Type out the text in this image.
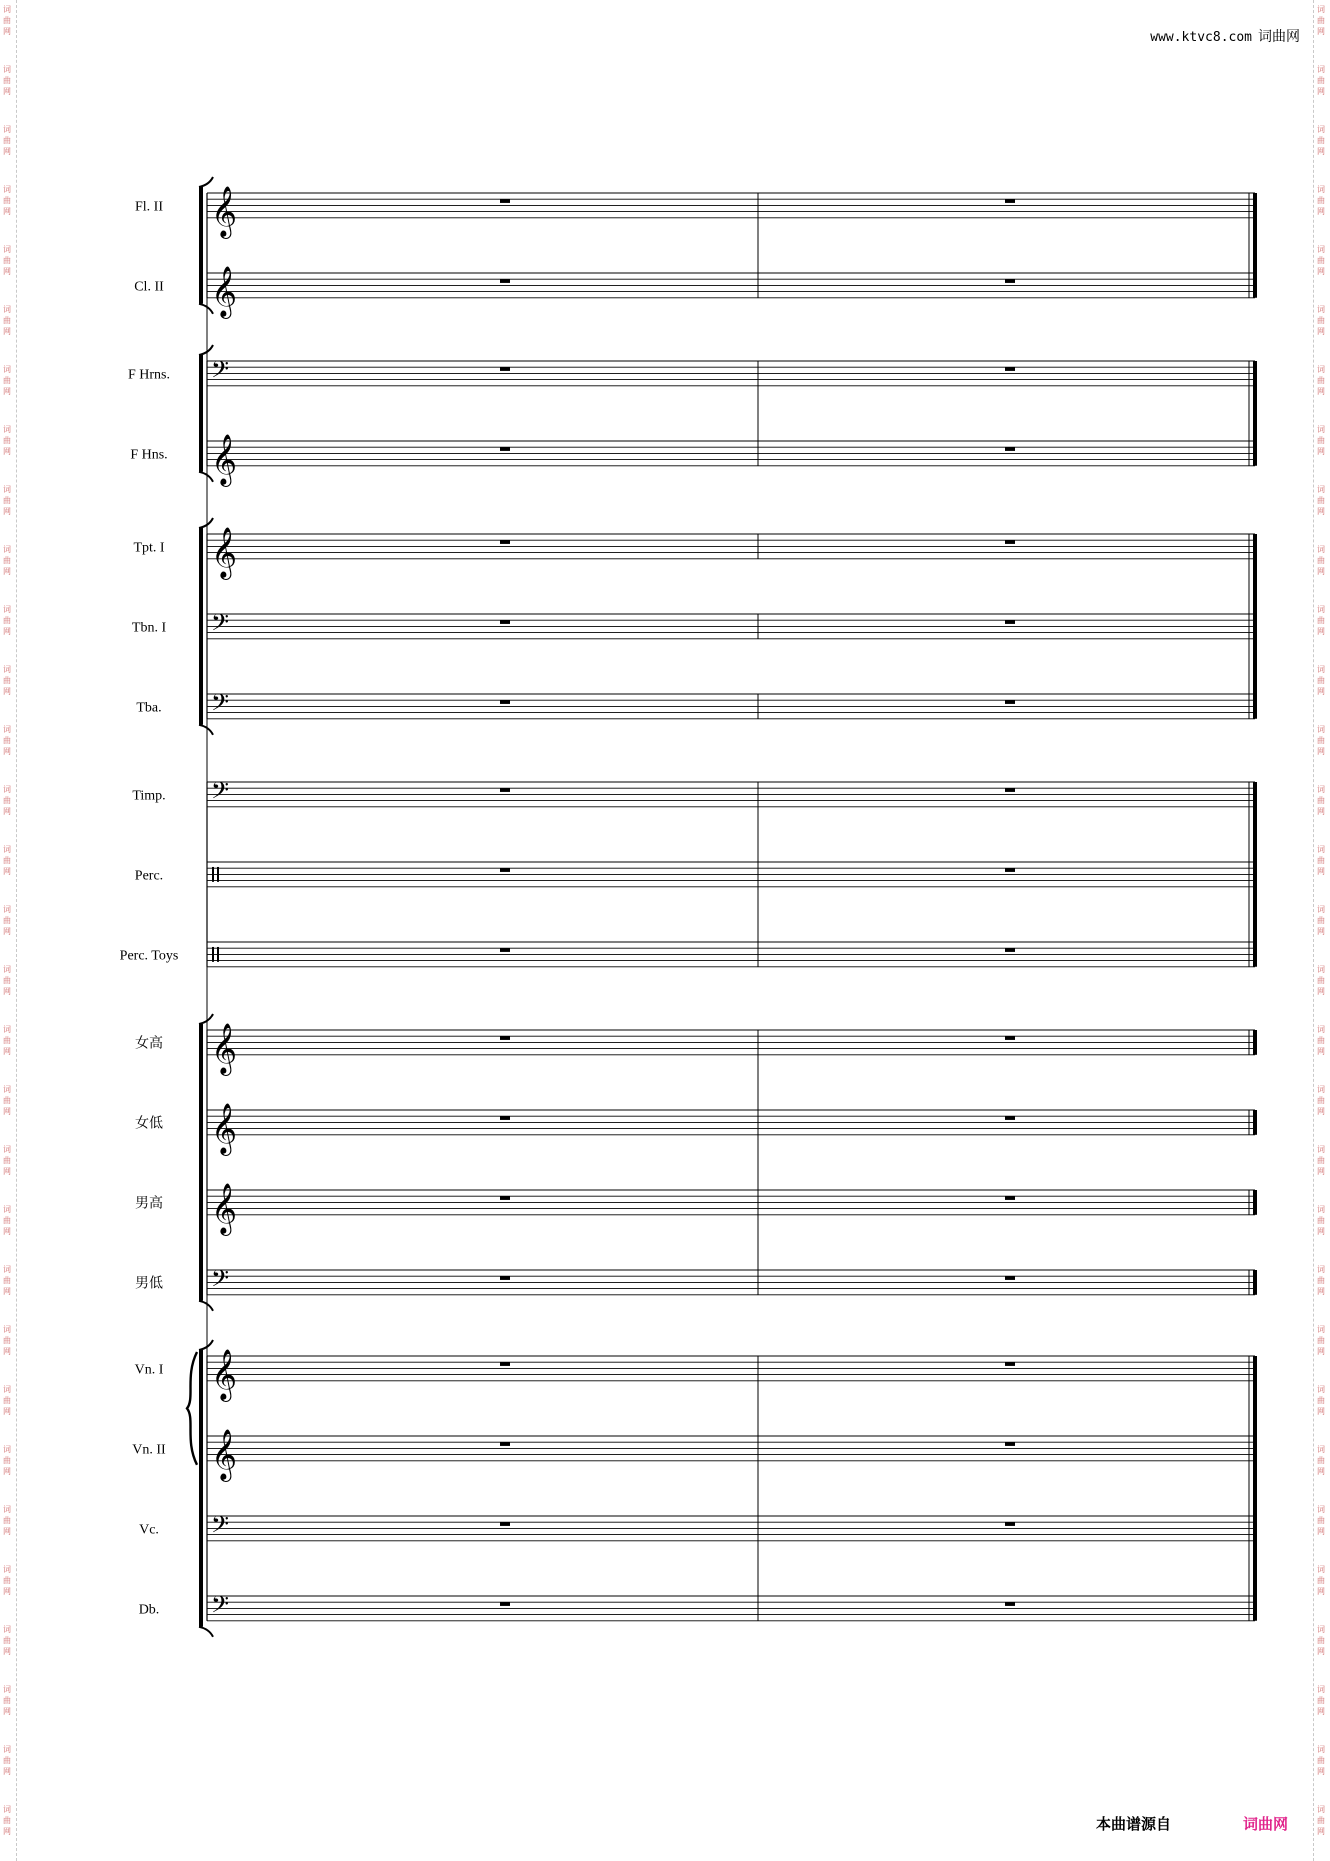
词
曲
网
词
曲
网
词
曲
网
词
曲
网
词
曲
网
词
曲
网
词
曲
网
词
曲
网
词
曲
网
词
曲
网
词
曲
网
词
曲
网
词
曲
网
词
曲
网
词
曲
网
词
曲
网
词
曲
网
词
曲
网
词
曲
网
词
曲
网
词
曲
网
词
曲
网
词
曲
网
词
曲
网
词
曲
网
词
曲
网
词
曲
网
词
曲
网
词
曲
网
词
曲
网
词
曲
网
词
曲
网
词
曲
网
词
曲
网
词
曲
网
词
曲
网
词
曲
网
词
曲
网
词
曲
网
词
曲
网
词
曲
网
词
曲
网
词
曲
网
词
曲
网
词
曲
网
词
曲
网
词
曲
网
词
曲
网
词
曲
网
词
曲
网
词
曲
网
词
曲
网
词
曲
网
词
曲
网
词
曲
网
词
曲
网
词
曲
网
词
曲
网
词
曲
网
词
曲
网
词
曲
网
词
曲
网
www.ktvc8.com 词曲网
Fl. II 𝄞
Cl. II 𝄞
F Hrns. 𝄢
F Hns. 𝄞
Tpt. I 𝄞
Tbn. I 𝄢
Tba. 𝄢
Timp. 𝄢
Perc.
Perc. Toys
女高 𝄞
女低 𝄞
男高 𝄞
男低 𝄢
Vn. I 𝄞
Vn. II 𝄞
Vc. 𝄢
Db. 𝄢
本曲谱源自	词曲网
